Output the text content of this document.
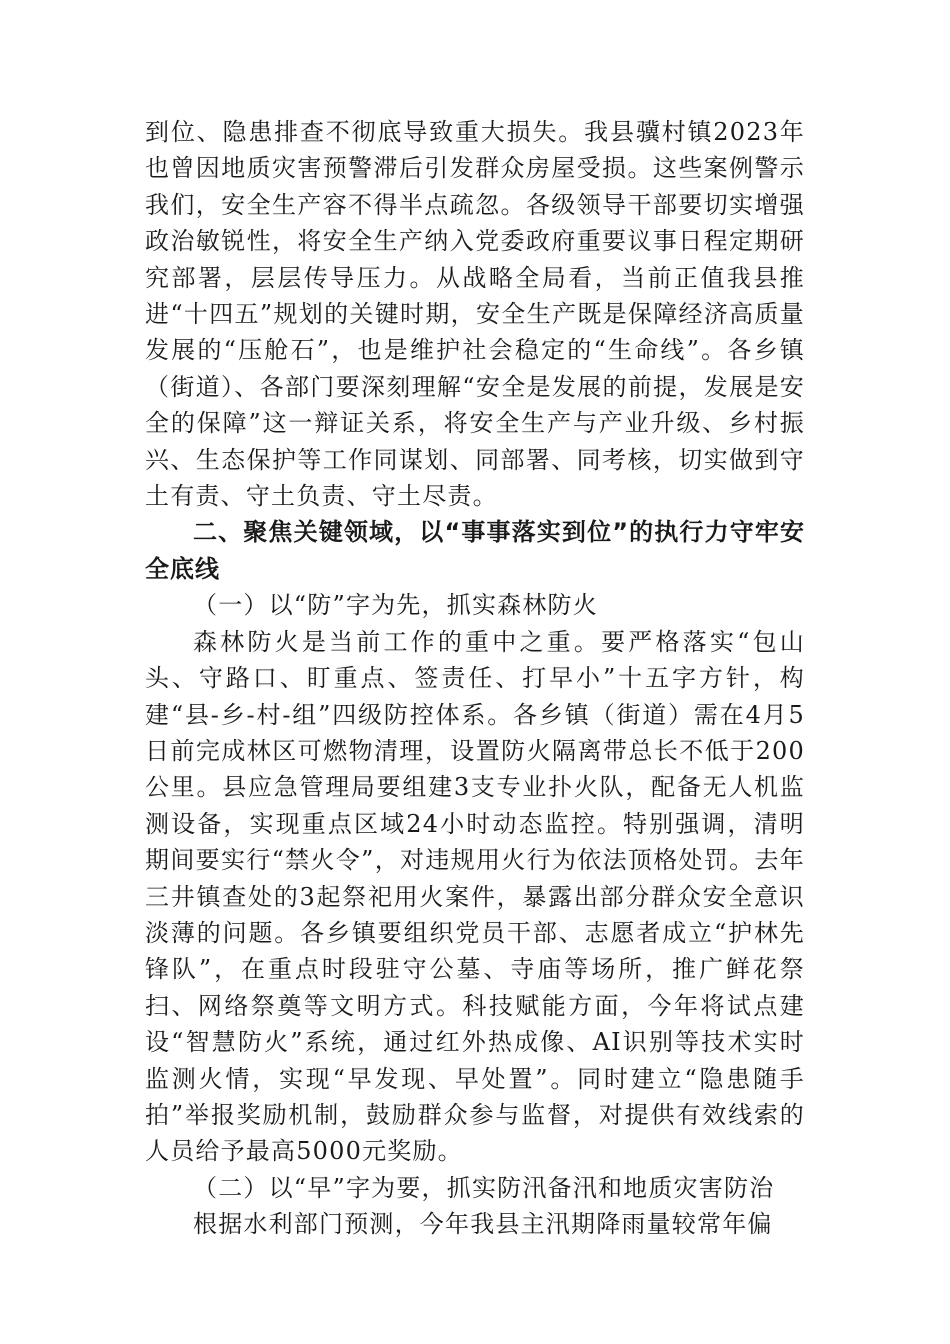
到位、隐患排查不彻底导致重大损失。我县骥村镇2023年也曾因地质灾害预警滞后引发群众房屋受损。这些案例警示我们，安全生产容不得半点疏忽。各级领导干部要切实增强政治敏锐性，将安全生产纳入党委政府重要议事日程定期研究部署，层层传导压力。从战略全局看，当前正值我县推进“十四五”规划的关键时期，安全生产既是保障经济高质量发展的“压舱石”，也是维护社会稳定的“生命线”。各乡镇（街道）、各部门要深刻理解“安全是发展的前提，发展是安全的保障”这一辩证关系，将安全生产与产业升级、乡村振兴、生态保护等工作同谋划、同部署、同考核，切实做到守土有责、守土负责、守土尽责。

二、聚焦关键领域，以“事事落实到位”的执行力守牢安全底线

（一）以“防”字为先，抓实森林防火

森林防火是当前工作的重中之重。要严格落实“包山头、守路口、盯重点、签责任、打早小”十五字方针，构建“县-乡-村-组”四级防控体系。各乡镇（街道）需在4月5日前完成林区可燃物清理，设置防火隔离带总长不低于200公里。县应急管理局要组建3支专业扑火队，配备无人机监测设备，实现重点区域24小时动态监控。特别强调，清明期间要实行“禁火令”，对违规用火行为依法顶格处罚。去年三井镇查处的3起祭祀用火案件，暴露出部分群众安全意识淡薄的问题。各乡镇要组织党员干部、志愿者成立“护林先锋队”，在重点时段驻守公墓、寺庙等场所，推广鲜花祭扫、网络祭奠等文明方式。科技赋能方面，今年将试点建设“智慧防火”系统，通过红外热成像、AI识别等技术实时监测火情，实现“早发现、早处置”。同时建立“隐患随手拍”举报奖励机制，鼓励群众参与监督，对提供有效线索的人员给予最高5000元奖励。

（二）以“早”字为要，抓实防汛备汛和地质灾害防治

根据水利部门预测，今年我县主汛期降雨量较常年偏
